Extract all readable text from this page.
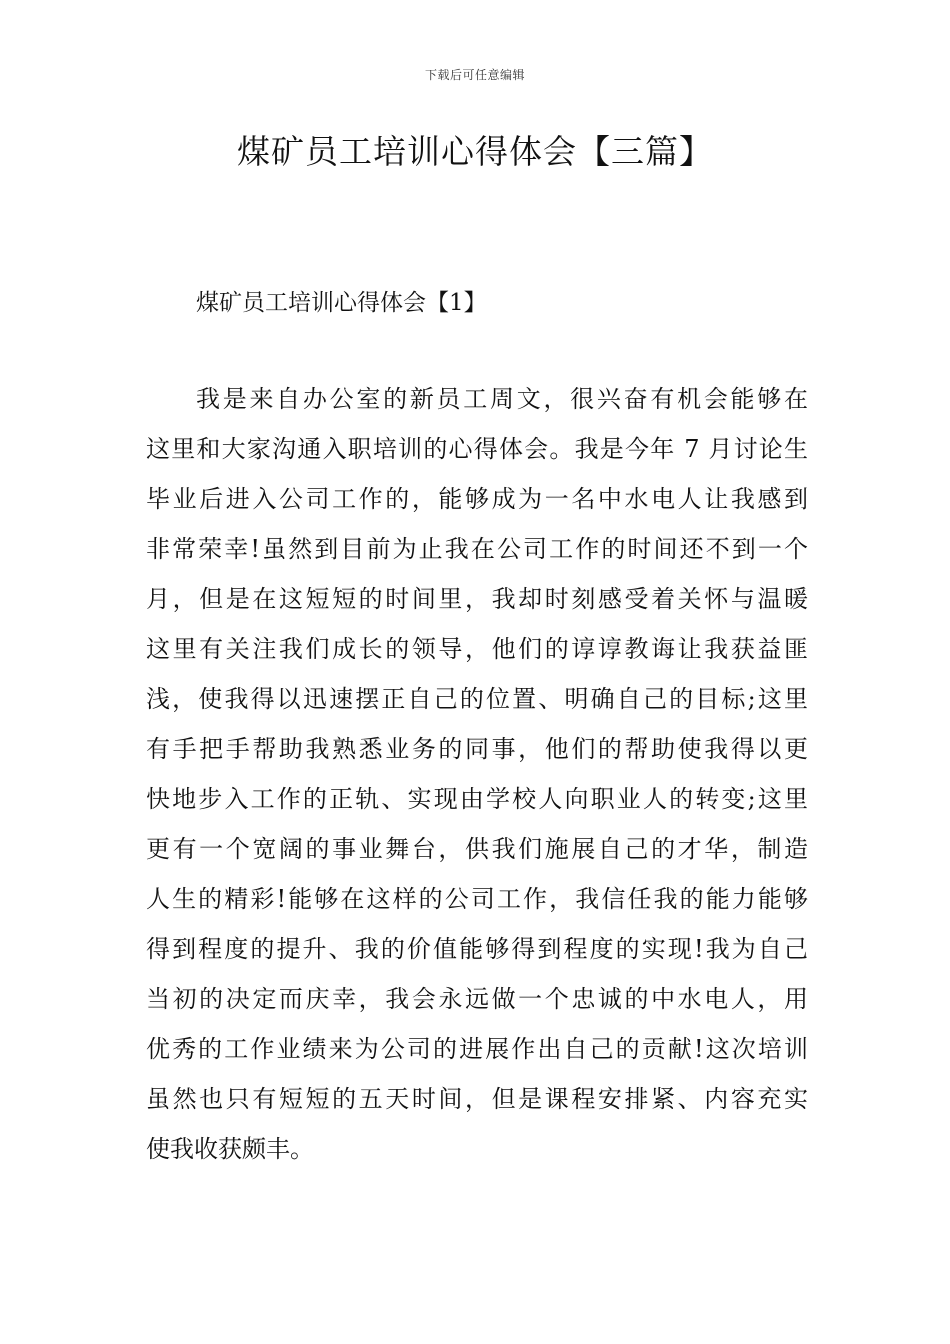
下载后可任意编辑
煤矿员工培训心得体会【三篇】
煤矿员工培训心得体会【1】
我是来自办公室的新员工周文，很兴奋有机会能够在
这里和大家沟通入职培训的心得体会。我是今年 7 月讨论生
毕业后进入公司工作的，能够成为一名中水电人让我感到
非常荣幸!虽然到目前为止我在公司工作的时间还不到一个
月，但是在这短短的时间里，我却时刻感受着关怀与温暖
这里有关注我们成长的领导，他们的谆谆教诲让我获益匪
浅，使我得以迅速摆正自己的位置、明确自己的目标;这里
有手把手帮助我熟悉业务的同事，他们的帮助使我得以更
快地步入工作的正轨、实现由学校人向职业人的转变;这里
更有一个宽阔的事业舞台，供我们施展自己的才华，制造
人生的精彩!能够在这样的公司工作，我信任我的能力能够
得到程度的提升、我的价值能够得到程度的实现!我为自己
当初的决定而庆幸，我会永远做一个忠诚的中水电人，用
优秀的工作业绩来为公司的进展作出自己的贡献!这次培训
虽然也只有短短的五天时间，但是课程安排紧、内容充实
使我收获颇丰。
